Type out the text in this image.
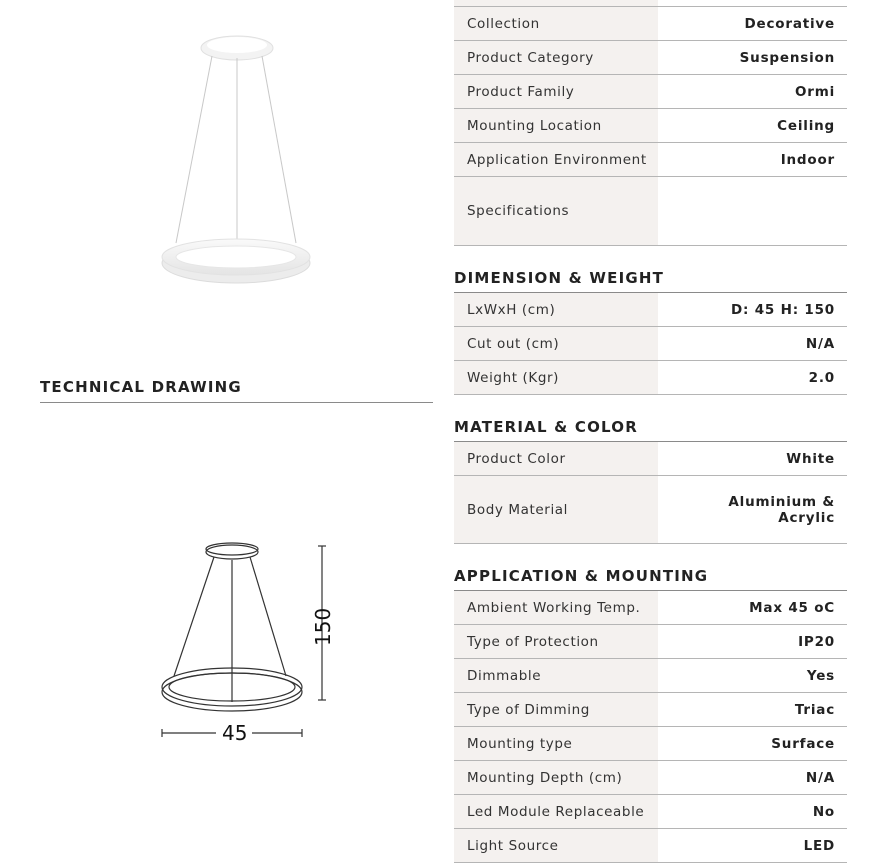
TECHNICAL DRAWING
45
150
Collection	Decorative
Product Category	Suspension
Product Family	Ormi
Mounting Location	Ceiling
Application Environment	Indoor
Specifications
DIMENSION & WEIGHT
LxWxH (cm)	D: 45 H: 150
Cut out (cm)	N/A
Weight (Kgr)	2.0
MATERIAL & COLOR
Product Color	White
Body Material	Aluminium & Acrylic
APPLICATION & MOUNTING
Ambient Working Temp.	Max 45 oC
Type of Protection	IP20
Dimmable	Yes
Type of Dimming	Triac
Mounting type	Surface
Mounting Depth (cm)	N/A
Led Module Replaceable	No
Light Source	LED
